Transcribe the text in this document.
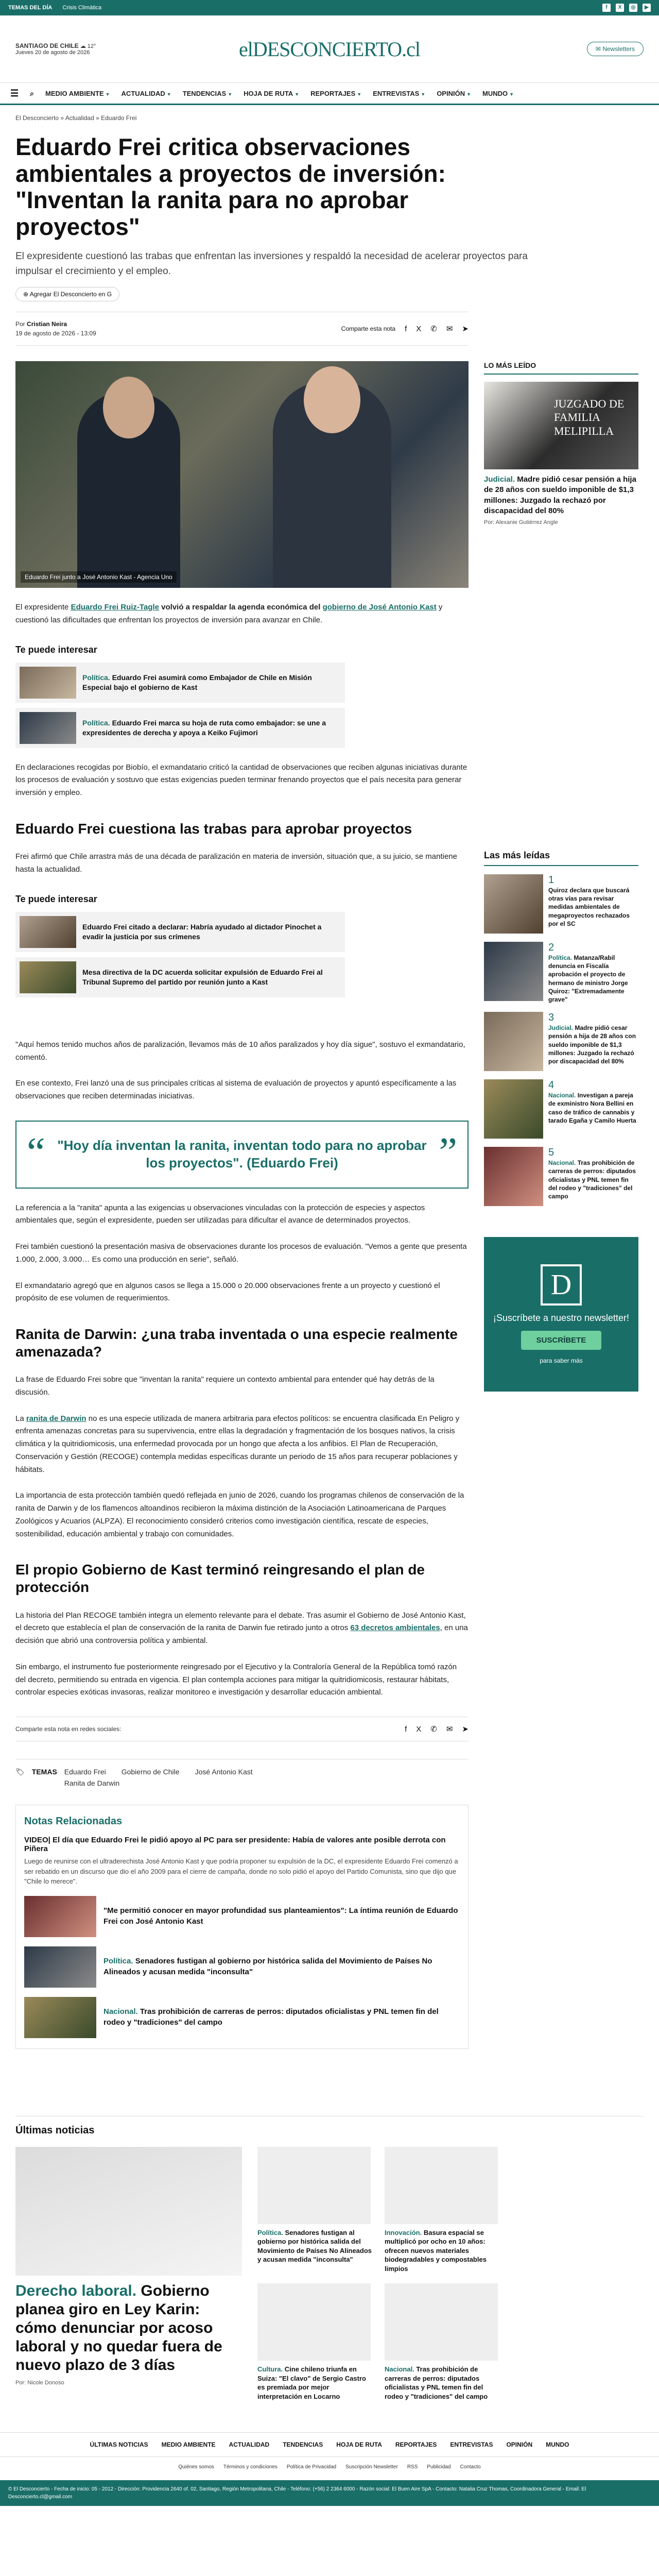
TEMAS DEL DÍA Crisis Climática	f	X	◎	▶
SANTIAGO DE CHILE ☁ 12°
Jueves 20 de agosto de 2026	elDESCONCIERTO.cl	✉ Newsletters
☰ ⌕ MEDIO AMBIENTE ▼ ACTUALIDAD ▼ TENDENCIAS ▼ HOJA DE RUTA ▼ REPORTAJES ▼ ENTREVISTAS ▼ OPINIÓN ▼ MUNDO ▼
El Desconcierto » Actualidad » Eduardo Frei
Eduardo Frei critica observaciones ambientales a proyectos de inversión: "Inventan la ranita para no aprobar proyectos"

El expresidente cuestionó las trabas que enfrentan las inversiones y respaldó la necesidad de acelerar proyectos para impulsar el crecimiento y el empleo.

⊕ Agregar El Desconcierto en G
Por Cristian Neira
19 de agosto de 2026 - 13:09
Comparte esta nota f X ✆ ✉ ➤
Eduardo Frei junto a José Antonio Kast - Agencia Uno

El expresidente Eduardo Frei Ruiz-Tagle volvió a respaldar la agenda económica del gobierno de José Antonio Kast y cuestionó las dificultades que enfrentan los proyectos de inversión para avanzar en Chile.

Te puede interesar
Política. Eduardo Frei asumirá como Embajador de Chile en Misión Especial bajo el gobierno de Kast
Política. Eduardo Frei marca su hoja de ruta como embajador: se une a expresidentes de derecha y apoya a Keiko Fujimori

En declaraciones recogidas por Biobío, el exmandatario criticó la cantidad de observaciones que reciben algunas iniciativas durante los procesos de evaluación y sostuvo que estas exigencias pueden terminar frenando proyectos que el país necesita para generar inversión y empleo.

Eduardo Frei cuestiona las trabas para aprobar proyectos

Frei afirmó que Chile arrastra más de una década de paralización en materia de inversión, situación que, a su juicio, se mantiene hasta la actualidad.

Te puede interesar
Eduardo Frei citado a declarar: Habría ayudado al dictador Pinochet a evadir la justicia por sus crímenes
Mesa directiva de la DC acuerda solicitar expulsión de Eduardo Frei al Tribunal Supremo del partido por reunión junto a Kast

"Aquí hemos tenido muchos años de paralización, llevamos más de 10 años paralizados y hoy día sigue", sostuvo el exmandatario, comentó.

En ese contexto, Frei lanzó una de sus principales críticas al sistema de evaluación de proyectos y apuntó específicamente a las observaciones que reciben determinadas iniciativas.

“	”
"Hoy día inventan la ranita, inventan todo para no aprobar los proyectos". (Eduardo Frei)

La referencia a la "ranita" apunta a las exigencias u observaciones vinculadas con la protección de especies y aspectos ambientales que, según el expresidente, pueden ser utilizadas para dificultar el avance de determinados proyectos.

Frei también cuestionó la presentación masiva de observaciones durante los procesos de evaluación. "Vemos a gente que presenta 1.000, 2.000, 3.000… Es como una producción en serie", señaló.

El exmandatario agregó que en algunos casos se llega a 15.000 o 20.000 observaciones frente a un proyecto y cuestionó el propósito de ese volumen de requerimientos.

Ranita de Darwin: ¿una traba inventada o una especie realmente amenazada?

La frase de Eduardo Frei sobre que "inventan la ranita" requiere un contexto ambiental para entender qué hay detrás de la discusión.

La ranita de Darwin no es una especie utilizada de manera arbitraria para efectos políticos: se encuentra clasificada En Peligro y enfrenta amenazas concretas para su supervivencia, entre ellas la degradación y fragmentación de los bosques nativos, la crisis climática y la quitridiomicosis, una enfermedad provocada por un hongo que afecta a los anfibios. El Plan de Recuperación, Conservación y Gestión (RECOGE) contempla medidas específicas durante un periodo de 15 años para recuperar poblaciones y hábitats.

La importancia de esta protección también quedó reflejada en junio de 2026, cuando los programas chilenos de conservación de la ranita de Darwin y de los flamencos altoandinos recibieron la máxima distinción de la Asociación Latinoamericana de Parques Zoológicos y Acuarios (ALPZA). El reconocimiento consideró criterios como investigación científica, rescate de especies, sostenibilidad, educación ambiental y trabajo con comunidades.

El propio Gobierno de Kast terminó reingresando el plan de protección

La historia del Plan RECOGE también integra un elemento relevante para el debate. Tras asumir el Gobierno de José Antonio Kast, el decreto que establecía el plan de conservación de la ranita de Darwin fue retirado junto a otros 63 decretos ambientales, en una decisión que abrió una controversia política y ambiental.

Sin embargo, el instrumento fue posteriormente reingresado por el Ejecutivo y la Contraloría General de la República tomó razón del decreto, permitiendo su entrada en vigencia. El plan contempla acciones para mitigar la quitridiomicosis, restaurar hábitats, controlar especies exóticas invasoras, realizar monitoreo e investigación y desarrollar educación ambiental.

Comparte esta nota en redes sociales:	f X ✆ ✉ ➤
🏷 TEMAS Eduardo Frei Gobierno de Chile José Antonio Kast
Ranita de Darwin
Notas Relacionadas
VIDEO| El día que Eduardo Frei le pidió apoyo al PC para ser presidente: Había de valores ante posible derrota con Piñera
Luego de reunirse con el ultraderechista José Antonio Kast y que podría proponer su expulsión de la DC, el expresidente Eduardo Frei comenzó a ser rebatido en un discurso que dio el año 2009 para el cierre de campaña, donde no solo pidió el apoyo del Partido Comunista, sino que dijo que "Chile lo merece".
"Me permitió conocer en mayor profundidad sus planteamientos": La íntima reunión de Eduardo Frei con José Antonio Kast
Política. Senadores fustigan al gobierno por histórica salida del Movimiento de Países No Alineados y acusan medida "inconsulta"
Nacional. Tras prohibición de carreras de perros: diputados oficialistas y PNL temen fin del rodeo y "tradiciones" del campo
LO MÁS LEÍDO
JUZGADO DE FAMILIA MELIPILLA
Judicial. Madre pidió cesar pensión a hija de 28 años con sueldo imponible de $1,3 millones: Juzgado la rechazó por discapacidad del 80%
Por: Alexanie Gutiérrez Angle
Las más leídas
1
Quiroz declara que buscará otras vías para revisar medidas ambientales de megaproyectos rechazados por el SC
2
Política. Matanza/Rabil denuncia en Fiscalía aprobación el proyecto de hermano de ministro Jorge Quiroz: "Extremadamente grave"
3
Judicial. Madre pidió cesar pensión a hija de 28 años con sueldo imponible de $1,3 millones: Juzgado la rechazó por discapacidad del 80%
4
Nacional. Investigan a pareja de exministro Nora Bellini en caso de tráfico de cannabis y tarado Egaña y Camilo Huerta
5
Nacional. Tras prohibición de carreras de perros: diputados oficialistas y PNL temen fin del rodeo y "tradiciones" del campo
D
¡Suscríbete a nuestro newsletter!
SUSCRÍBETE
para saber más
Últimas noticias
Derecho laboral. Gobierno planea giro en Ley Karin: cómo denunciar por acoso laboral y no quedar fuera de nuevo plazo de 3 días
Por: Nicole Donoso
Política. Senadores fustigan al gobierno por histórica salida del Movimiento de Países No Alineados y acusan medida "inconsulta"
Innovación. Basura espacial se multiplicó por ocho en 10 años: ofrecen nuevos materiales biodegradables y compostables limpios
Cultura. Cine chileno triunfa en Suiza: "El clavo" de Sergio Castro es premiada por mejor interpretación en Locarno
Nacional. Tras prohibición de carreras de perros: diputados oficialistas y PNL temen fin del rodeo y "tradiciones" del campo
ÚLTIMAS NOTICIAS MEDIO AMBIENTE ACTUALIDAD TENDENCIAS HOJA DE RUTA REPORTAJES ENTREVISTAS OPINIÓN MUNDO
Quiénes somos Términos y condiciones Política de Privacidad Suscripción Newsletter RSS Publicidad Contacto
© El Desconcierto - Fecha de inicio: 05 - 2012 - Dirección: Providencia 2640 of. 02, Santiago, Región Metropolitana, Chile - Teléfono: (+56) 2 2364 6000 - Razón social: El Buen Aire SpA - Contacto: Natalia Cruz Thomas, Coordinadora General - Email: El Desconcierto.cl@gmail.com
